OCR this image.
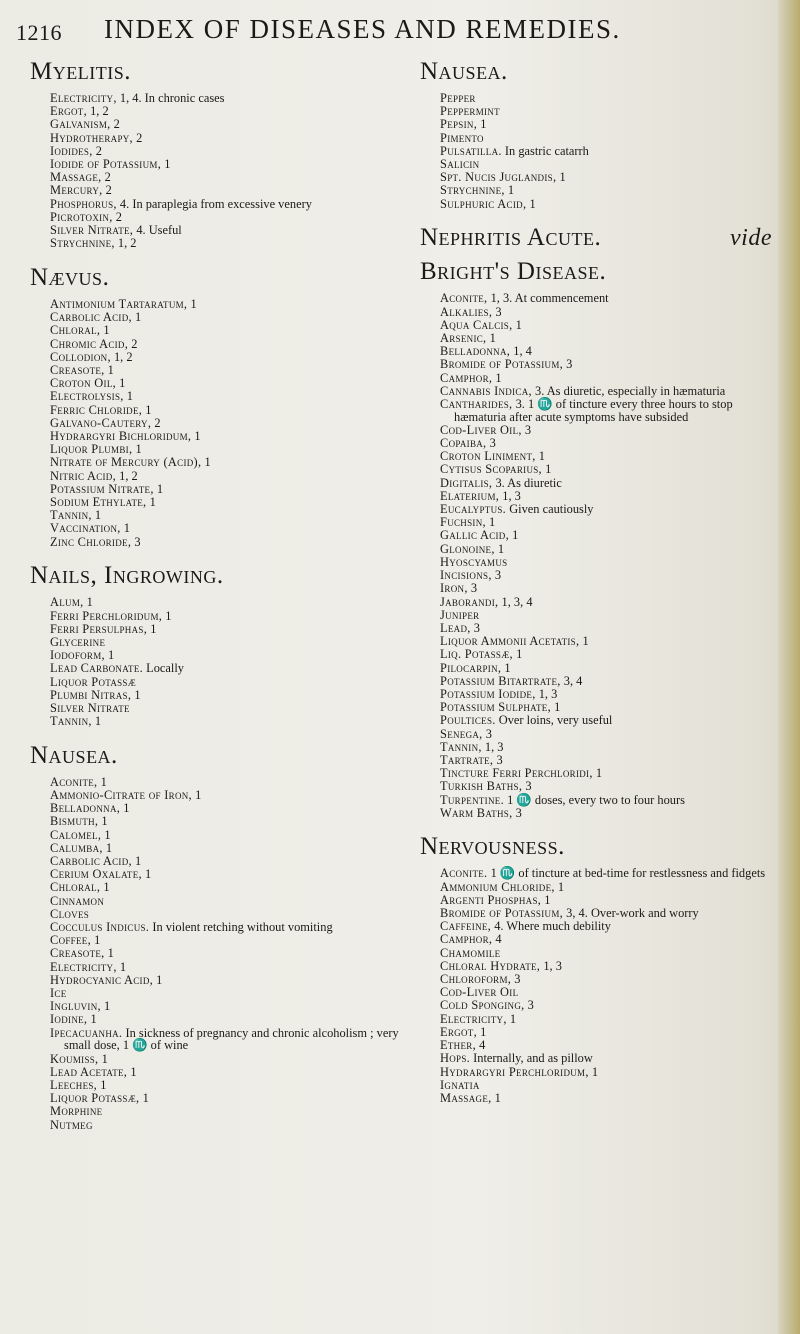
1216 INDEX OF DISEASES AND REMEDIES.
Myelitis.
Electricity, 1, 4. In chronic cases
Ergot, 1, 2
Galvanism, 2
Hydrotherapy, 2
Iodides, 2
Iodide of Potassium, 1
Massage, 2
Mercury, 2
Phosphorus, 4. In paraplegia from excessive venery
Picrotoxin, 2
Silver Nitrate, 4. Useful
Strychnine, 1, 2
Nævus.
Antimonium Tartaratum, 1
Carbolic Acid, 1
Chloral, 1
Chromic Acid, 2
Collodion, 1, 2
Creasote, 1
Croton Oil, 1
Electrolysis, 1
Ferric Chloride, 1
Galvano-Cautery, 2
Hydrargyri Bichloridum, 1
Liquor Plumbi, 1
Nitrate of Mercury (Acid), 1
Nitric Acid, 1, 2
Potassium Nitrate, 1
Sodium Ethylate, 1
Tannin, 1
Vaccination, 1
Zinc Chloride, 3
Nails, Ingrowing.
Alum, 1
Ferri Perchloridum, 1
Ferri Persulphas, 1
Glycerine
Iodoform, 1
Lead Carbonate. Locally
Liquor Potassæ
Plumbi Nitras, 1
Silver Nitrate
Tannin, 1
Nausea.
Aconite, 1
Ammonio-Citrate of Iron, 1
Belladonna, 1
Bismuth, 1
Calomel, 1
Calumba, 1
Carbolic Acid, 1
Cerium Oxalate, 1
Chloral, 1
Cinnamon
Cloves
Cocculus Indicus. In violent retching without vomiting
Coffee, 1
Creasote, 1
Electricity, 1
Hydrocyanic Acid, 1
Ice
Ingluvin, 1
Iodine, 1
Ipecacuanha. In sickness of pregnancy and chronic alcoholism ; very small dose, 1 ♏ of wine
Koumiss, 1
Lead Acetate, 1
Leeches, 1
Liquor Potassæ, 1
Morphine
Nutmeg
Nausea.
Pepper
Peppermint
Pepsin, 1
Pimento
Pulsatilla. In gastric catarrh
Salicin
Spt. Nucis Juglandis, 1
Strychnine, 1
Sulphuric Acid, 1
Nephritis Acute.	vide
Bright's Disease.
Aconite, 1, 3. At commencement
Alkalies, 3
Aqua Calcis, 1
Arsenic, 1
Belladonna, 1, 4
Bromide of Potassium, 3
Camphor, 1
Cannabis Indica, 3. As diuretic, especially in hæmaturia
Cantharides, 3. 1 ♏ of tincture every three hours to stop hæmaturia after acute symptoms have subsided
Cod-Liver Oil, 3
Copaiba, 3
Croton Liniment, 1
Cytisus Scoparius, 1
Digitalis, 3. As diuretic
Elaterium, 1, 3
Eucalyptus. Given cautiously
Fuchsin, 1
Gallic Acid, 1
Glonoine, 1
Hyoscyamus
Incisions, 3
Iron, 3
Jaborandi, 1, 3, 4
Juniper
Lead, 3
Liquor Ammonii Acetatis, 1
Liq. Potassæ, 1
Pilocarpin, 1
Potassium Bitartrate, 3, 4
Potassium Iodide, 1, 3
Potassium Sulphate, 1
Poultices. Over loins, very useful
Senega, 3
Tannin, 1, 3
Tartrate, 3
Tincture Ferri Perchloridi, 1
Turkish Baths, 3
Turpentine. 1 ♏ doses, every two to four hours
Warm Baths, 3
Nervousness.
Aconite. 1 ♏ of tincture at bed-time for restlessness and fidgets
Ammonium Chloride, 1
Argenti Phosphas, 1
Bromide of Potassium, 3, 4. Over-work and worry
Caffeine, 4. Where much debility
Camphor, 4
Chamomile
Chloral Hydrate, 1, 3
Chloroform, 3
Cod-Liver Oil
Cold Sponging, 3
Electricity, 1
Ergot, 1
Ether, 4
Hops. Internally, and as pillow
Hydrargyri Perchloridum, 1
Ignatia
Massage, 1
